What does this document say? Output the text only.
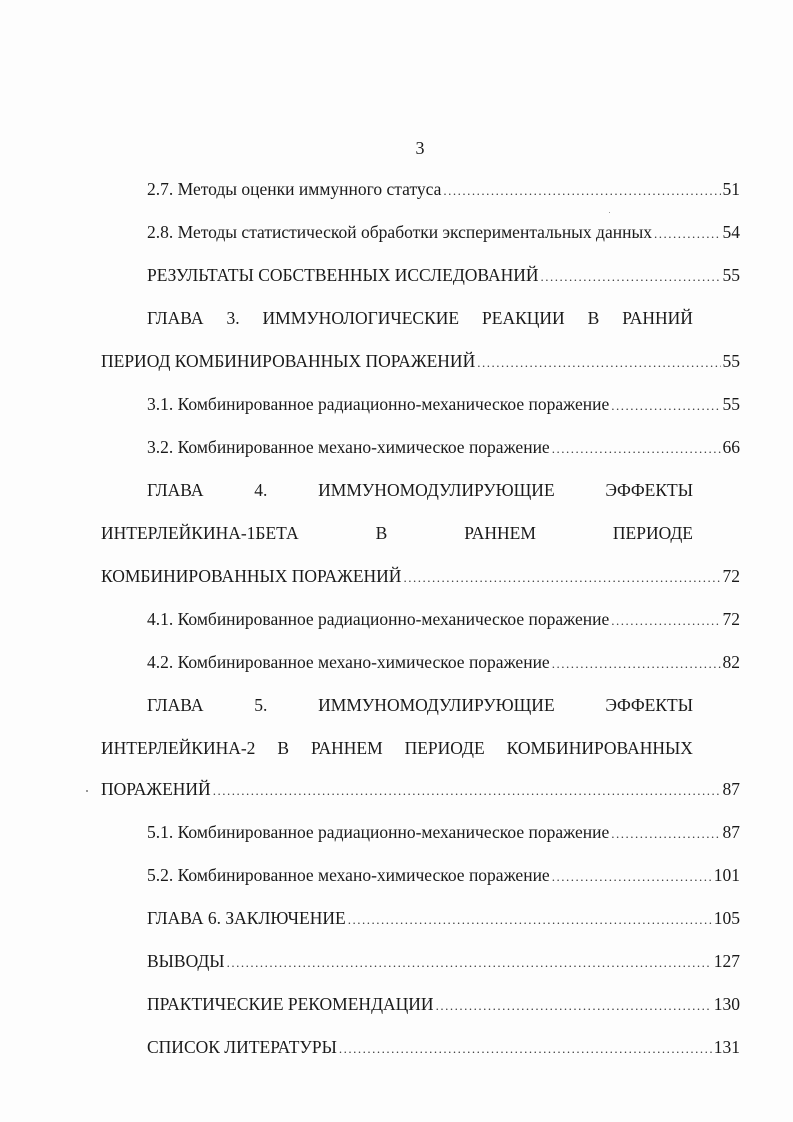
3
2.7. Методы оценки иммунного статуса .....	51
2.8. Методы статистической обработки экспериментальных данных .....	54
РЕЗУЛЬТАТЫ СОБСТВЕННЫХ ИССЛЕДОВАНИЙ .....	55
ГЛАВА 3. ИММУНОЛОГИЧЕСКИЕ РЕАКЦИИ В РАННИЙ
ПЕРИОД КОМБИНИРОВАННЫХ ПОРАЖЕНИЙ .....	55
3.1. Комбинированное радиационно-механическое поражение .....	55
3.2. Комбинированное механо-химическое поражение .....	66
ГЛАВА	4.	ИММУНОМОДУЛИРУЮЩИЕ	ЭФФЕКТЫ
ИНТЕРЛЕЙКИНА-1БЕТА	В	РАННЕМ	ПЕРИОДЕ
КОМБИНИРОВАННЫХ ПОРАЖЕНИЙ .....	72
4.1. Комбинированное радиационно-механическое поражение .....	72
4.2. Комбинированное механо-химическое поражение .....	82
ГЛАВА	5.	ИММУНОМОДУЛИРУЮЩИЕ	ЭФФЕКТЫ
ИНТЕРЛЕЙКИНА-2 В РАННЕМ ПЕРИОДЕ КОМБИНИРОВАННЫХ
ПОРАЖЕНИЙ .....	87
5.1. Комбинированное радиационно-механическое поражение .....	87
5.2. Комбинированное механо-химическое поражение .....	101
ГЛАВА 6. ЗАКЛЮЧЕНИЕ .....	105
ВЫВОДЫ .....	127
ПРАКТИЧЕСКИЕ РЕКОМЕНДАЦИИ .....	130
СПИСОК ЛИТЕРАТУРЫ .....	131
